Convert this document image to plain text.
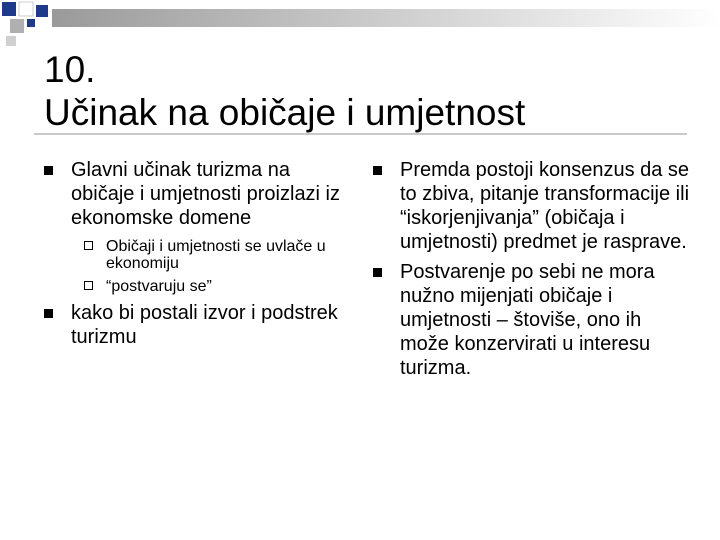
10.
Učinak na običaje i umjetnost
Glavni učinak turizma na običaje i umjetnosti proizlazi iz ekonomske domene
Običaji i umjetnosti se uvlače u ekonomiju
“postvaruju se”
kako bi postali izvor i podstrek turizmu
Premda postoji konsenzus da se to zbiva, pitanje transformacije ili “iskorjenjivanja” (običaja i umjetnosti) predmet je rasprave.
Postvarenje po sebi ne mora nužno mijenjati običaje i umjetnosti – štoviše, ono ih može konzervirati u interesu turizma.
